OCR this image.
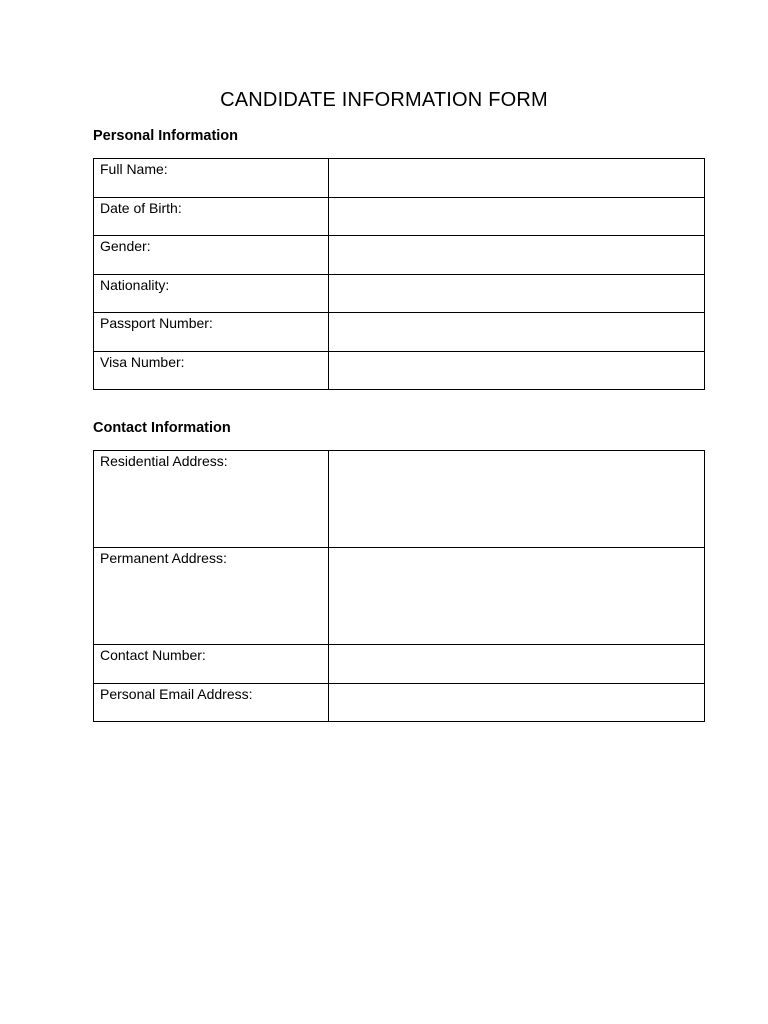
CANDIDATE INFORMATION FORM
Personal Information
Full Name:	
Date of Birth:	
Gender:	
Nationality:	
Passport Number:	
Visa Number:	
Contact Information
Residential Address:	
Permanent Address:	
Contact Number:	
Personal Email Address:	
